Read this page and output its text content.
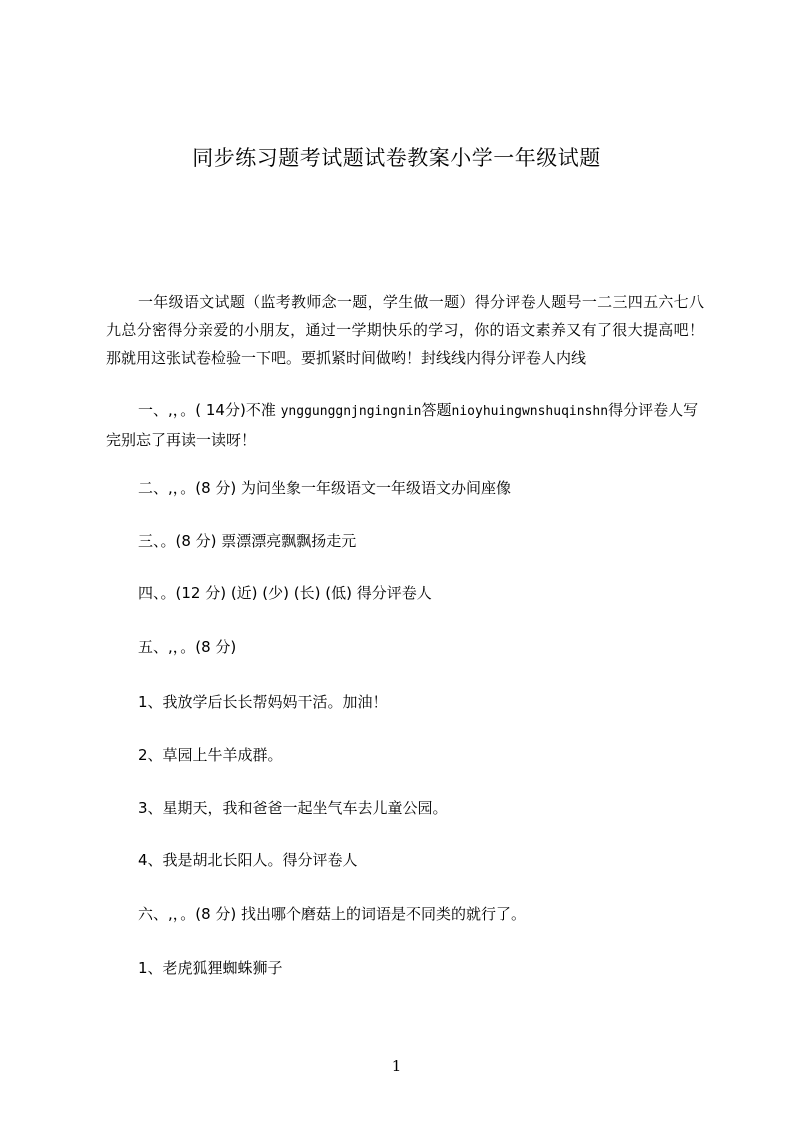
同步练习题考试题试卷教案小学一年级试题
一年级语文试题（监考教师念一题，学生做一题）得分评卷人题号一二三四五六七八九总分密得分亲爱的小朋友，通过一学期快乐的学习，你的语文素养又有了很大提高吧！那就用这张试卷检验一下吧。要抓紧时间做哟！封线线内得分评卷人内线
一、,，。( 14分)不准 ynggunggnjngingnin答题nioyhuingwnshuqinshn得分评卷人写完别忘了再读一读呀！
二、,，。(8 分) 为问坐象一年级语文一年级语文办间座像
三、。(8 分) 票漂漂亮飘飘扬走元
四、。(12 分) (近) (少) (长) (低) 得分评卷人
五、,，。(8 分)
1、我放学后长长帮妈妈干活。加油！
2、草园上牛羊成群。
3、星期天，我和爸爸一起坐气车去儿童公园。
4、我是胡北长阳人。得分评卷人
六、,，。(8 分) 找出哪个磨菇上的词语是不同类的就行了。
1、老虎狐狸蜘蛛狮子
1
